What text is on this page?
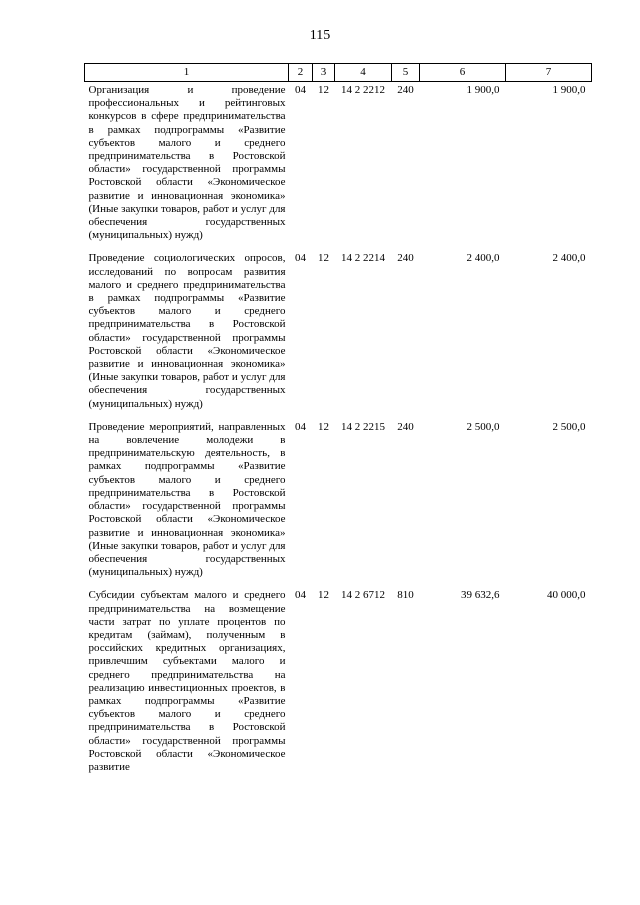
115
1	2	3	4	5	6	7
Организация и проведение профессиональных и рейтинговых конкурсов в сфере предпринимательства в рамках подпрограммы «Развитие субъектов малого и среднего предпринимательства в Ростовской области» государственной программы Ростовской области «Экономическое развитие и инновационная экономика» (Иные закупки товаров, работ и услуг для обеспечения государственных (муниципальных) нужд)	04	12	14 2 2212	240	1 900,0	1 900,0
Проведение социологических опросов, исследований по вопросам развития малого и среднего предпринимательства в рамках подпрограммы «Развитие субъектов малого и среднего предпринимательства в Ростовской области» государственной программы Ростовской области «Экономическое развитие и инновационная экономика» (Иные закупки товаров, работ и услуг для обеспечения государственных (муниципальных) нужд)	04	12	14 2 2214	240	2 400,0	2 400,0
Проведение мероприятий, направленных на вовлечение молодежи в предпринимательскую деятельность, в рамках подпрограммы «Развитие субъектов малого и среднего предпринимательства в Ростовской области» государственной программы Ростовской области «Экономическое развитие и инновационная экономика» (Иные закупки товаров, работ и услуг для обеспечения государственных (муниципальных) нужд)	04	12	14 2 2215	240	2 500,0	2 500,0
Субсидии субъектам малого и среднего предпринимательства на возмещение части затрат по уплате процентов по кредитам (займам), полученным в российских кредитных организациях, привлечшим субъектами малого и среднего предпринимательства на реализацию инвестиционных проектов, в рамках подпрограммы «Развитие субъектов малого и среднего предпринимательства в Ростовской области» государственной программы Ростовской области «Экономическое развитие	04	12	14 2 6712	810	39 632,6	40 000,0
